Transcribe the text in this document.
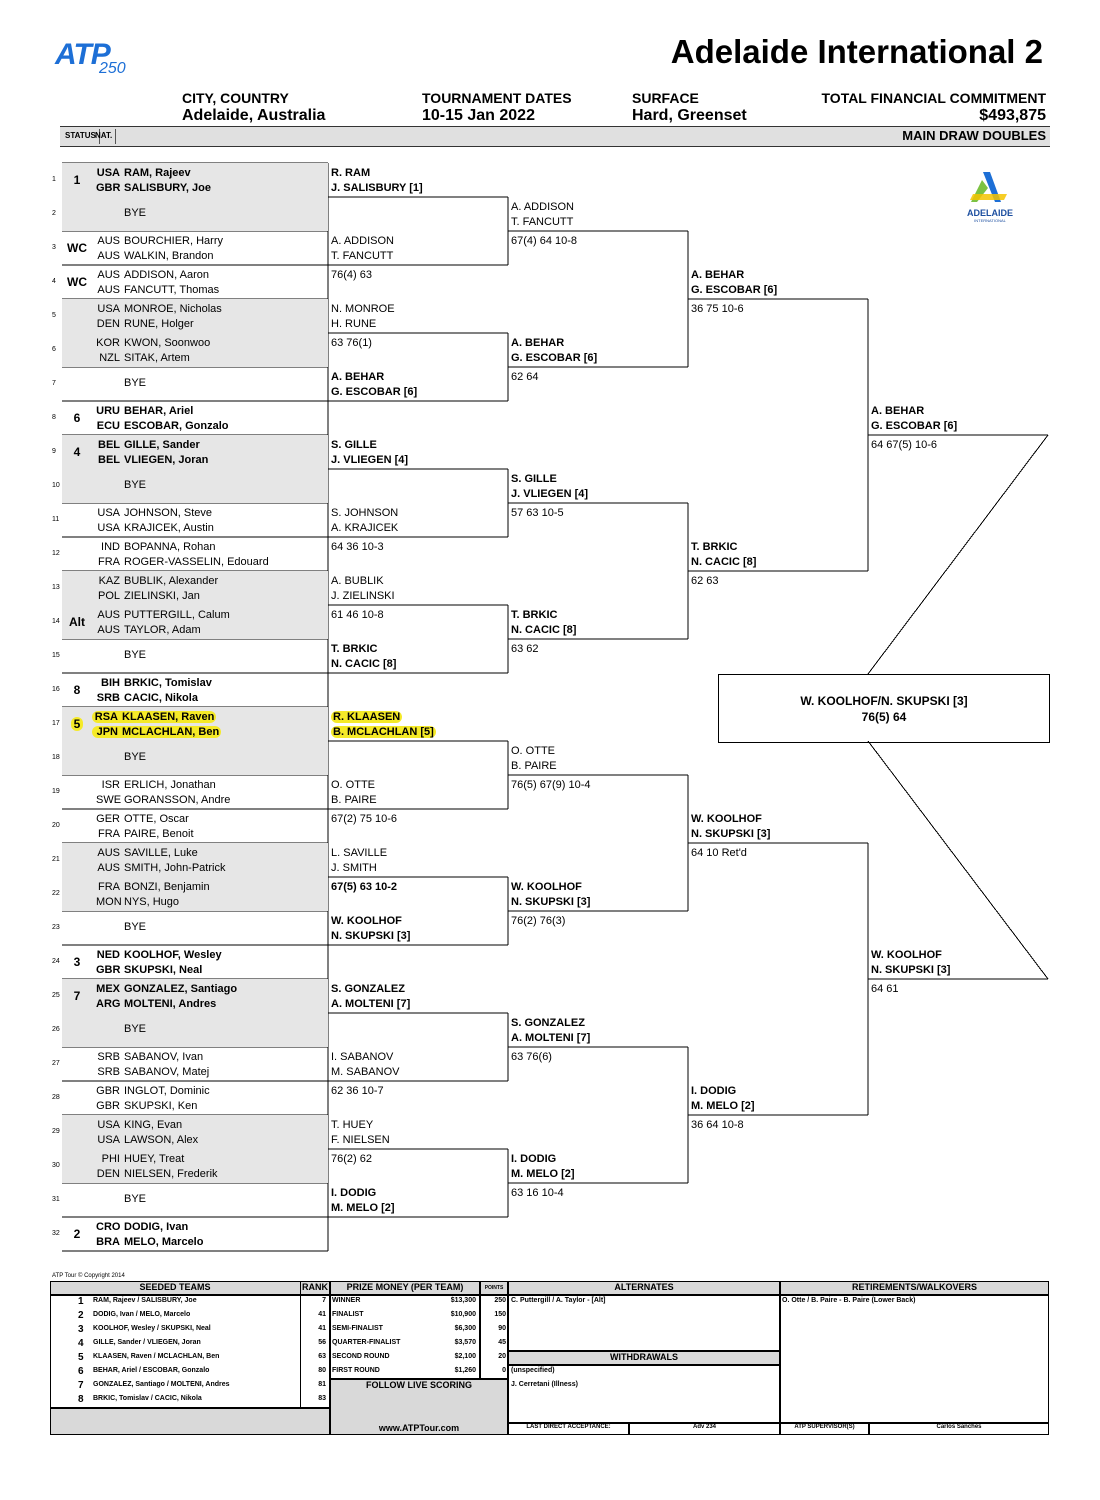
ATP
250	Adelaide International 2
CITY, COUNTRY
Adelaide, Australia
TOURNAMENT DATES
10-15 Jan 2022
SURFACE
Hard, Greenset
TOTAL FINANCIAL COMMITMENT
$493,875
STATUS NAT.	MAIN DRAW DOUBLES
ADELAIDE
INTERNATIONAL
1	1	USA RAM, Rajeev
GBR SALISBURY, Joe
2	BYE
3 WC AUS BOURCHIER, Harry
AUS WALKIN, Brandon
4 WC AUS ADDISON, Aaron
AUS FANCUTT, Thomas
5
USA MONROE, Nicholas
DEN RUNE, Holger
6
KOR KWON, Soonwoo
NZL SITAK, Artem
7	BYE
8	6	URU BEHAR, Ariel
ECU ESCOBAR, Gonzalo
9	4	BEL GILLE, Sander
BEL VLIEGEN, Joran
10	BYE
11
USA JOHNSON, Steve
USA KRAJICEK, Austin
12
IND BOPANNA, Rohan
FRA ROGER-VASSELIN, Edouard
13
KAZ BUBLIK, Alexander
POL ZIELINSKI, Jan
14 Alt	AUS PUTTERGILL, Calum
AUS TAYLOR, Adam
15	BYE
16	8	BIH BRKIC, Tomislav
SRB CACIC, Nikola
17	5	RSA KLAASEN, Raven
JPN MCLACHLAN, Ben
18	BYE
19
ISR ERLICH, Jonathan
SWE GORANSSON, Andre
20
GER OTTE, Oscar
FRA PAIRE, Benoit
21
AUS SAVILLE, Luke
AUS SMITH, John-Patrick
22
FRA BONZI, Benjamin
MON NYS, Hugo
23	BYE
24	3	NED KOOLHOF, Wesley
GBR SKUPSKI, Neal
25	7	MEX GONZALEZ, Santiago
ARG MOLTENI, Andres
26	BYE
27
SRB SABANOV, Ivan
SRB SABANOV, Matej
28
GBR INGLOT, Dominic
GBR SKUPSKI, Ken
29
USA KING, Evan
USA LAWSON, Alex
30
PHI HUEY, Treat
DEN NIELSEN, Frederik
31	BYE
32	2	CRO DODIG, Ivan
BRA MELO, Marcelo
R. RAM
J. SALISBURY [1]
A. ADDISON
T. FANCUTT
76(4) 63
N. MONROE
H. RUNE
63 76(1)
A. BEHAR
G. ESCOBAR [6]
S. GILLE
J. VLIEGEN [4]
S. JOHNSON
A. KRAJICEK
64 36 10-3
A. BUBLIK
J. ZIELINSKI
61 46 10-8
T. BRKIC
N. CACIC [8]
R. KLAASEN
B. MCLACHLAN [5]
O. OTTE
B. PAIRE
67(2) 75 10-6
L. SAVILLE
J. SMITH
67(5) 63 10-2
W. KOOLHOF
N. SKUPSKI [3]
S. GONZALEZ
A. MOLTENI [7]
I. SABANOV
M. SABANOV
62 36 10-7
T. HUEY
F. NIELSEN
76(2) 62
I. DODIG
M. MELO [2]
A. ADDISON
T. FANCUTT
67(4) 64 10-8
A. BEHAR
G. ESCOBAR [6]
62 64
S. GILLE
J. VLIEGEN [4]
57 63 10-5
T. BRKIC
N. CACIC [8]
63 62
O. OTTE
B. PAIRE
76(5) 67(9) 10-4
W. KOOLHOF
N. SKUPSKI [3]
76(2) 76(3)
S. GONZALEZ
A. MOLTENI [7]
63 76(6)
I. DODIG
M. MELO [2]
63 16 10-4
A. BEHAR
G. ESCOBAR [6]
36 75 10-6
T. BRKIC
N. CACIC [8]
62 63
W. KOOLHOF
N. SKUPSKI [3]
64 10 Ret'd
I. DODIG
M. MELO [2]
36 64 10-8
A. BEHAR
G. ESCOBAR [6]
64 67(5) 10-6
W. KOOLHOF
N. SKUPSKI [3]
64 61
W. KOOLHOF/N. SKUPSKI [3]
76(5) 64
ATP Tour © Copyright 2014
SEEDED TEAMS	RANK	PRIZE MONEY (PER TEAM)	POINTS	ALTERNATES	RETIREMENTS/WALKOVERS
WITHDRAWALS
1 RAM, Rajeev / SALISBURY, Joe	7
2 DODIG, Ivan / MELO, Marcelo	41
3 KOOLHOF, Wesley / SKUPSKI, Neal	41
4 GILLE, Sander / VLIEGEN, Joran	56
5 KLAASEN, Raven / MCLACHLAN, Ben	63
6 BEHAR, Ariel / ESCOBAR, Gonzalo	80
7 GONZALEZ, Santiago / MOLTENI, Andres	81
8 BRKIC, Tomislav / CACIC, Nikola	83
WINNER	$13,300	250
FINALIST	$10,900	150
SEMI-FINALIST	$6,300	90
QUARTER-FINALIST	$3,570	45
SECOND ROUND	$2,100	20
FIRST ROUND	$1,260	0
FOLLOW LIVE SCORING
www.ATPTour.com
C. Puttergill / A. Taylor - [Alt]
(unspecified)
J. Cerretani (Illness)
O. Otte / B. Paire - B. Paire (Lower Back)
LAST DIRECT ACCEPTANCE:	Adv 234	ATP SUPERVISOR(S)	Carlos Sanches
